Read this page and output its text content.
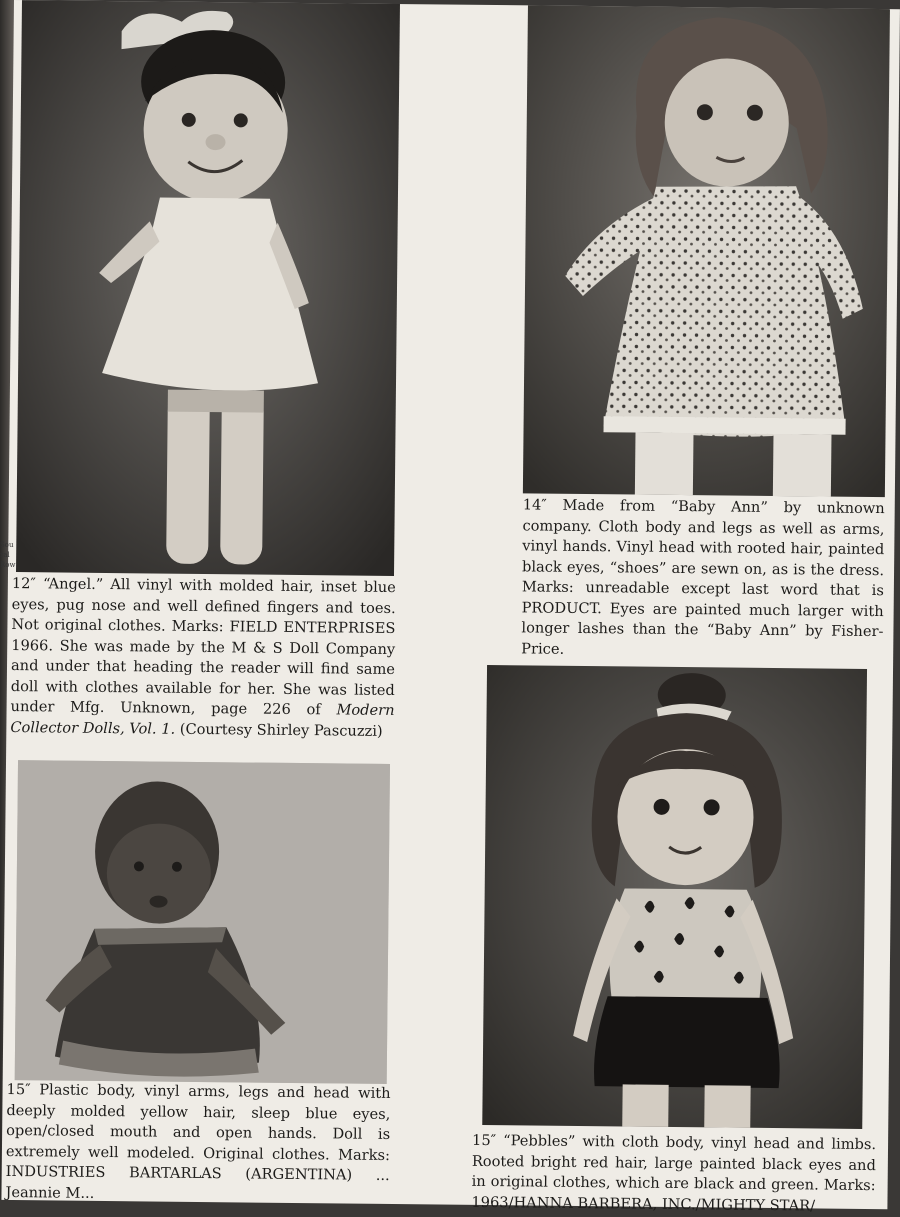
12″ “Angel.” All vinyl with molded hair, inset blue eyes, pug nose and well defined fingers and toes. Not original clothes. Marks: FIELD ENTERPRISES 1966. She was made by the M & S Doll Company and under that heading the reader will find same doll with clothes available for her. She was listed under Mfg. Unknown, page 226 of Modern Collector Dolls, Vol. 1. (Courtesy Shirley Pascuzzi)

14″ Made from “Baby Ann” by unknown company. Cloth body and legs as well as arms, vinyl hands. Vinyl head with rooted hair, painted black eyes, “shoes” are sewn on, as is the dress. Marks: unreadable except last word that is PRODUCT. Eyes are painted much larger with longer lashes than the “Baby Ann” by Fisher-Price.

15″ Plastic body, vinyl arms, legs and head with deeply molded yellow hair, sleep blue eyes, open/closed mouth and open hands. Doll is extremely well modeled. Original clothes. Marks: INDUSTRIES BARTARLAS (ARGENTINA) ... Jeannie M...

15″ “Pebbles” with cloth body, vinyl head and limbs. Rooted bright red hair, large painted black eyes and in original clothes, which are black and green. Marks: 1963/HANNA BARBERA, INC./MIGHTY STAR/

Sou ral Row
